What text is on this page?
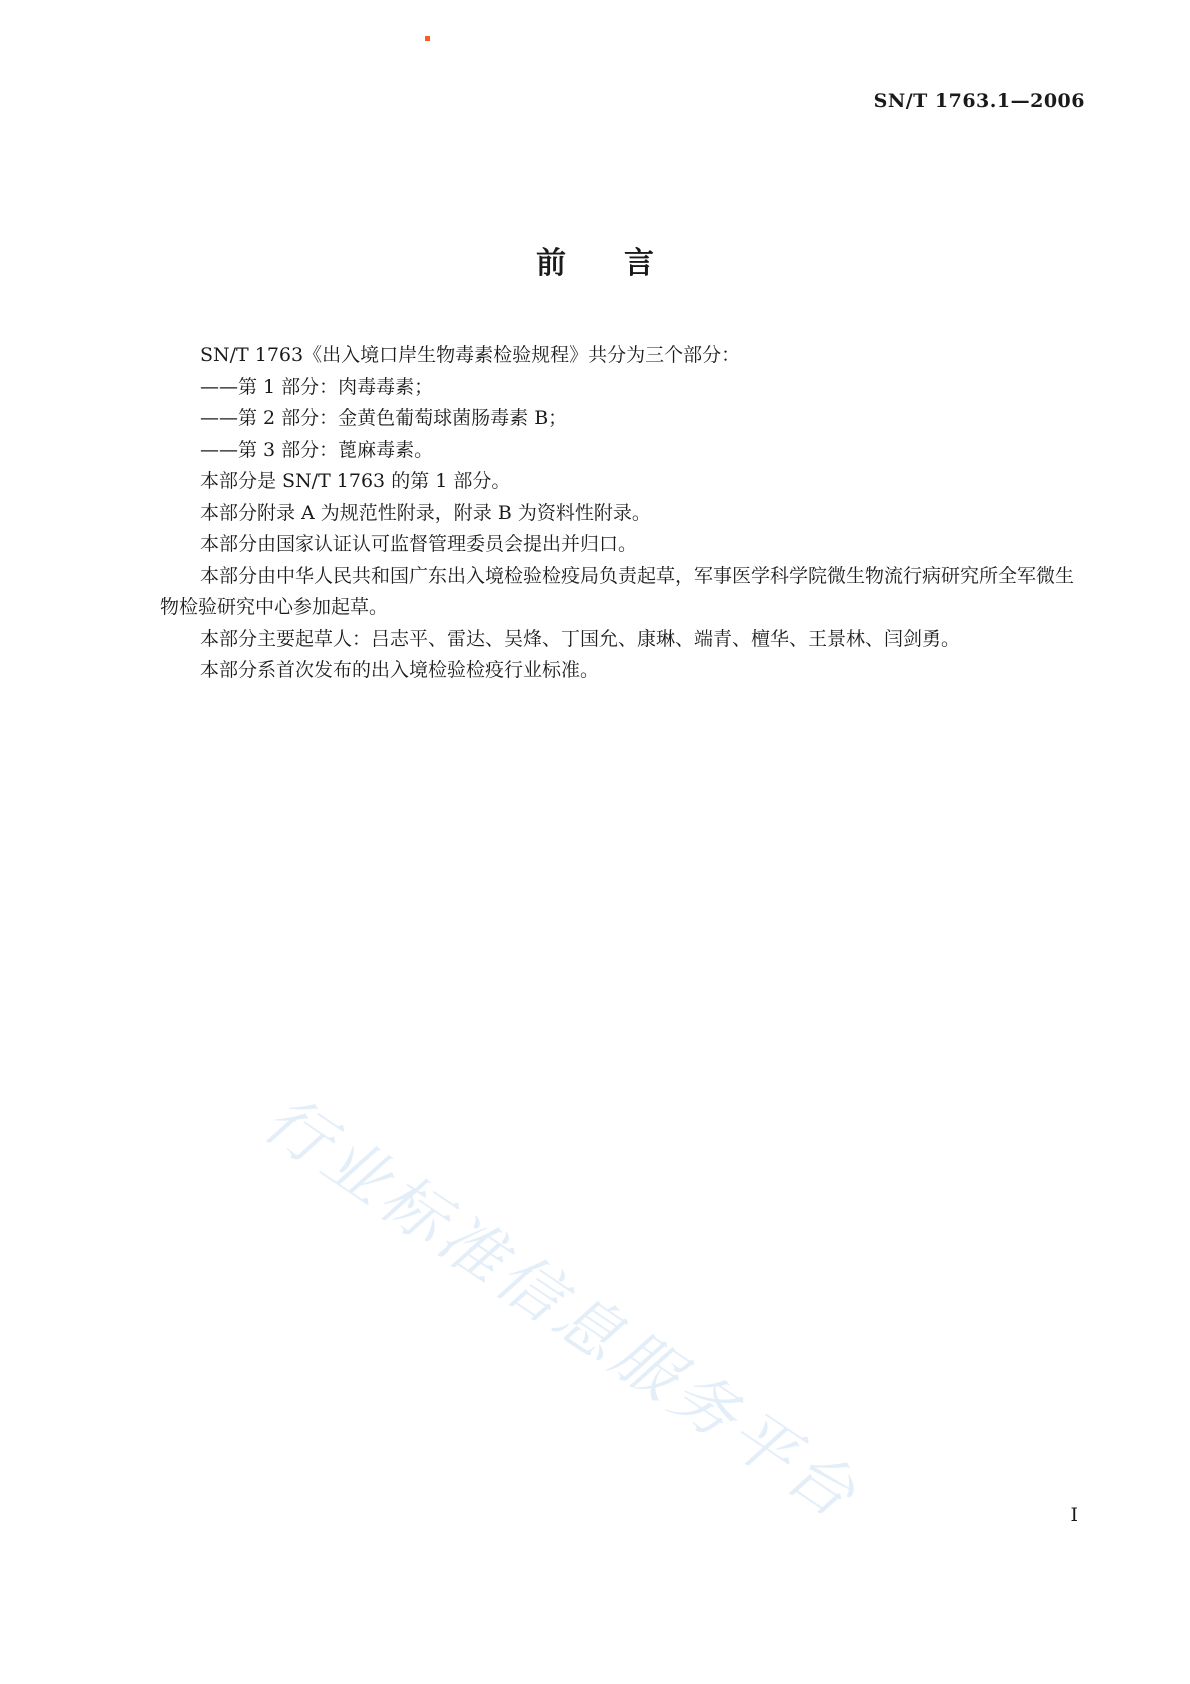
SN/T 1763.1—2006
前言

SN/T 1763《出入境口岸生物毒素检验规程》共分为三个部分：

——第 1 部分：肉毒毒素；

——第 2 部分：金黄色葡萄球菌肠毒素 B；

——第 3 部分：蓖麻毒素。

本部分是 SN/T 1763 的第 1 部分。

本部分附录 A 为规范性附录，附录 B 为资料性附录。

本部分由国家认证认可监督管理委员会提出并归口。

本部分由中华人民共和国广东出入境检验检疫局负责起草，军事医学科学院微生物流行病研究所全军微生物检验研究中心参加起草。

本部分主要起草人：吕志平、雷达、吴烽、丁国允、康琳、端青、檀华、王景林、闫剑勇。

本部分系首次发布的出入境检验检疫行业标准。

行业标准信息服务平台	I
